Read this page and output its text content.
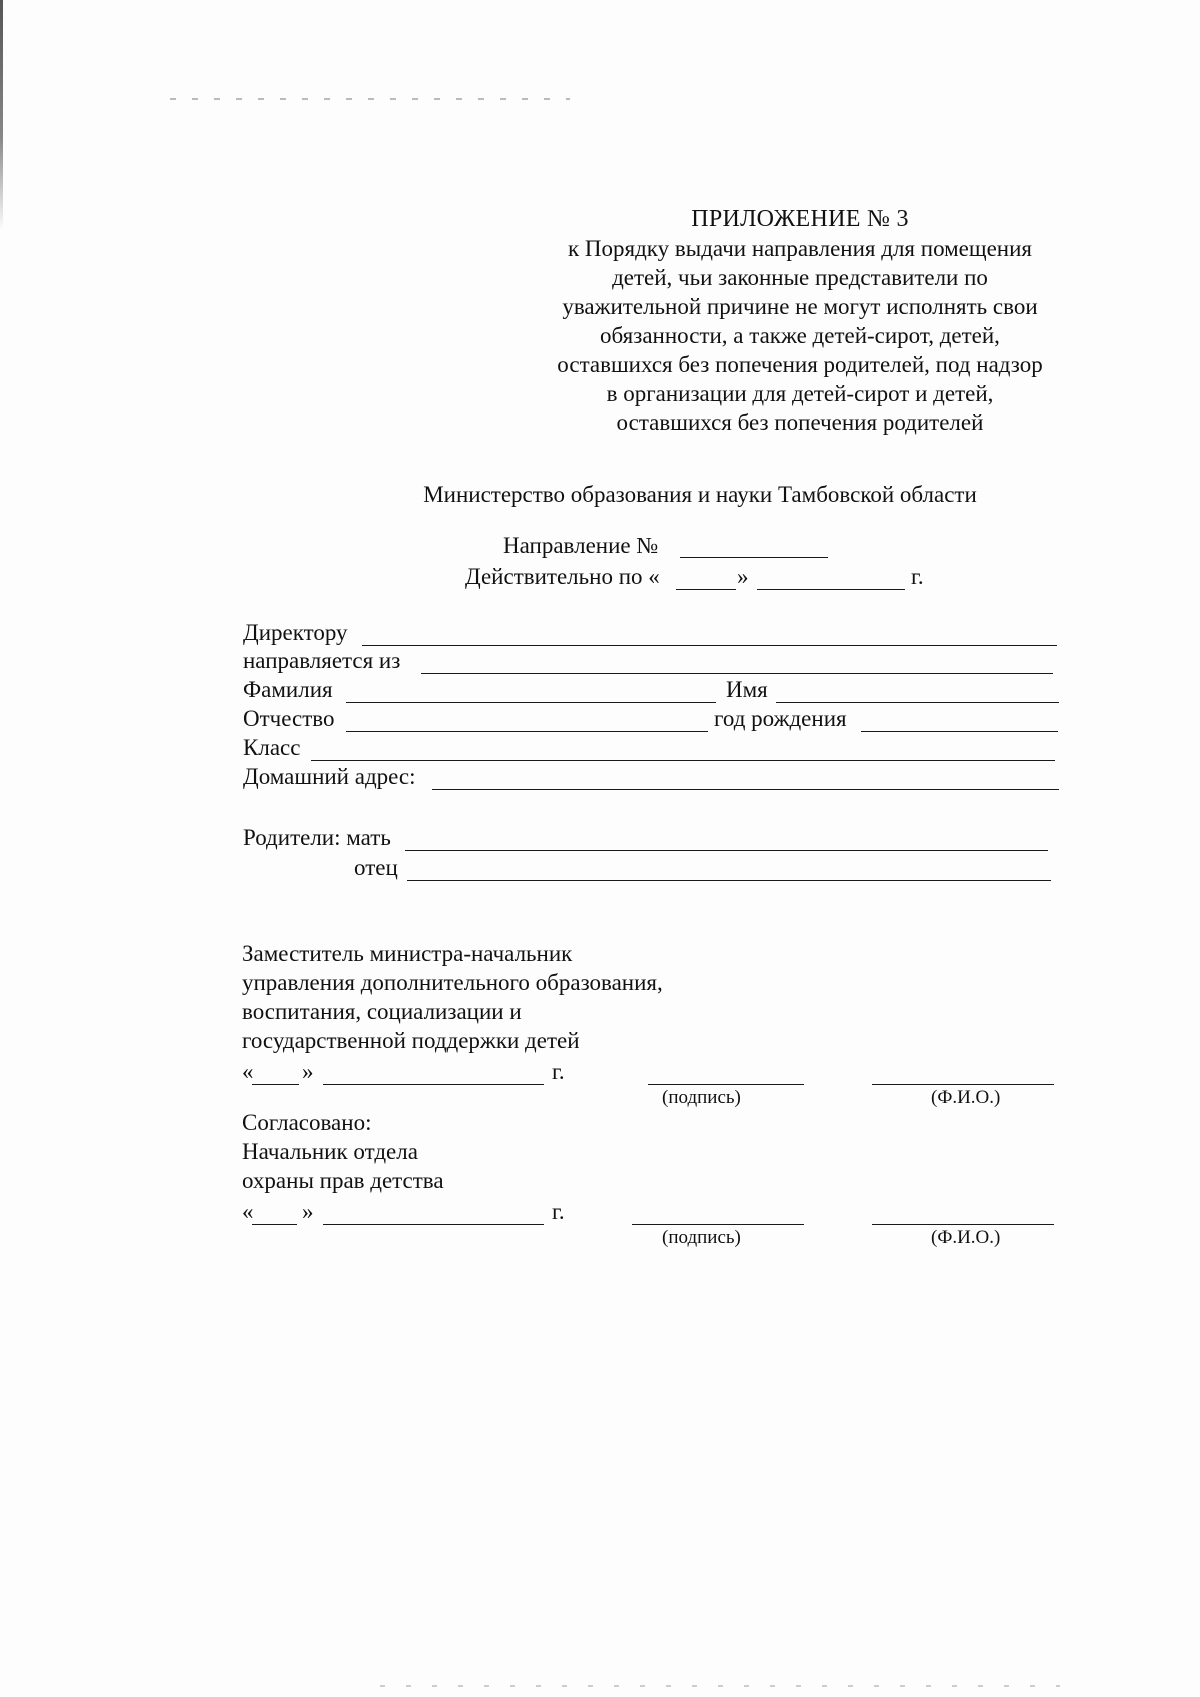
ПРИЛОЖЕНИЕ № 3
к Порядку выдачи направления для помещения
детей, чьи законные представители по
уважительной причине не могут исполнять свои
обязанности, а также детей-сирот, детей,
оставшихся без попечения родителей, под надзор
в организации для детей-сирот и детей,
оставшихся без попечения родителей
Министерство образования и науки Тамбовской области
Направление №
Действительно по «	»	г.
Директору
направляется из
Фамилия	Имя
Отчество	год рождения
Класс
Домашний адрес:
Родители: мать
отец
Заместитель министра-начальник
управления дополнительного образования,
воспитания, социализации и
государственной поддержки детей
« »	г.
(подпись)	(Ф.И.О.)
Согласовано:
Начальник отдела
охраны прав детства
« »	г.
(подпись)	(Ф.И.О.)
